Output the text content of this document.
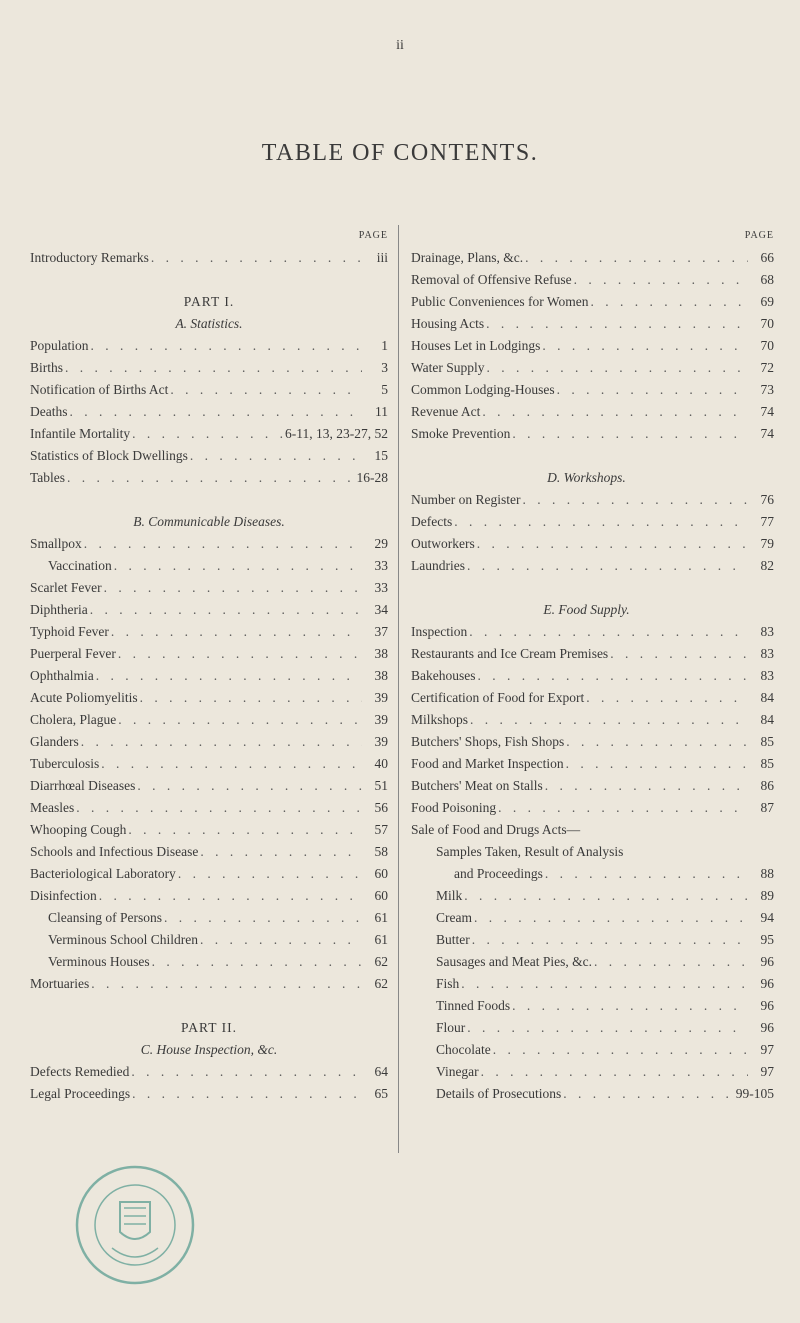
ii
TABLE OF CONTENTS.
PAGE
Introductory Remarks . . .	iii
PART I.
A. Statistics.
Population . . .	1
Births . . .	3
Notification of Births Act . . .	5
Deaths . . .	11
Infantile Mortality . . .	6-11, 13, 23-27, 52
Statistics of Block Dwellings . . .	15
Tables . . .	16-28
B. Communicable Diseases.
Smallpox . . .	29
Vaccination . . .	33
Scarlet Fever . . .	33
Diphtheria . . .	34
Typhoid Fever . . .	37
Puerperal Fever . . .	38
Ophthalmia . . .	38
Acute Poliomyelitis . . .	39
Cholera, Plague . . .	39
Glanders . . .	39
Tuberculosis . . .	40
Diarrhœal Diseases . . .	51
Measles . . .	56
Whooping Cough . . .	57
Schools and Infectious Disease . . .	58
Bacteriological Laboratory . . .	60
Disinfection . . .	60
Cleansing of Persons . . .	61
Verminous School Children . . .	61
Verminous Houses . . .	62
Mortuaries . . .	62
PART II.
C. House Inspection, &c.
Defects Remedied . . .	64
Legal Proceedings . . .	65
PAGE
Drainage, Plans, &c. . . .	66
Removal of Offensive Refuse . . .	68
Public Conveniences for Women . . .	69
Housing Acts . . .	70
Houses Let in Lodgings . . .	70
Water Supply . . .	72
Common Lodging-Houses . . .	73
Revenue Act . . .	74
Smoke Prevention . . .	74
D. Workshops.
Number on Register . . .	76
Defects . . .	77
Outworkers . . .	79
Laundries . . .	82
E. Food Supply.
Inspection . . .	83
Restaurants and Ice Cream Premises . . .	83
Bakehouses . . .	83
Certification of Food for Export . . .	84
Milkshops . . .	84
Butchers' Shops, Fish Shops . . .	85
Food and Market Inspection . . .	85
Butchers' Meat on Stalls . . .	86
Food Poisoning . . .	87
Sale of Food and Drugs Acts—
Samples Taken, Result of Analysis
and Proceedings . . .	88
Milk . . .	89
Cream . . .	94
Butter . . .	95
Sausages and Meat Pies, &c. . . .	96
Fish . . .	96
Tinned Foods . . .	96
Flour . . .	96
Chocolate . . .	97
Vinegar . . .	97
Details of Prosecutions . . .	99-105
